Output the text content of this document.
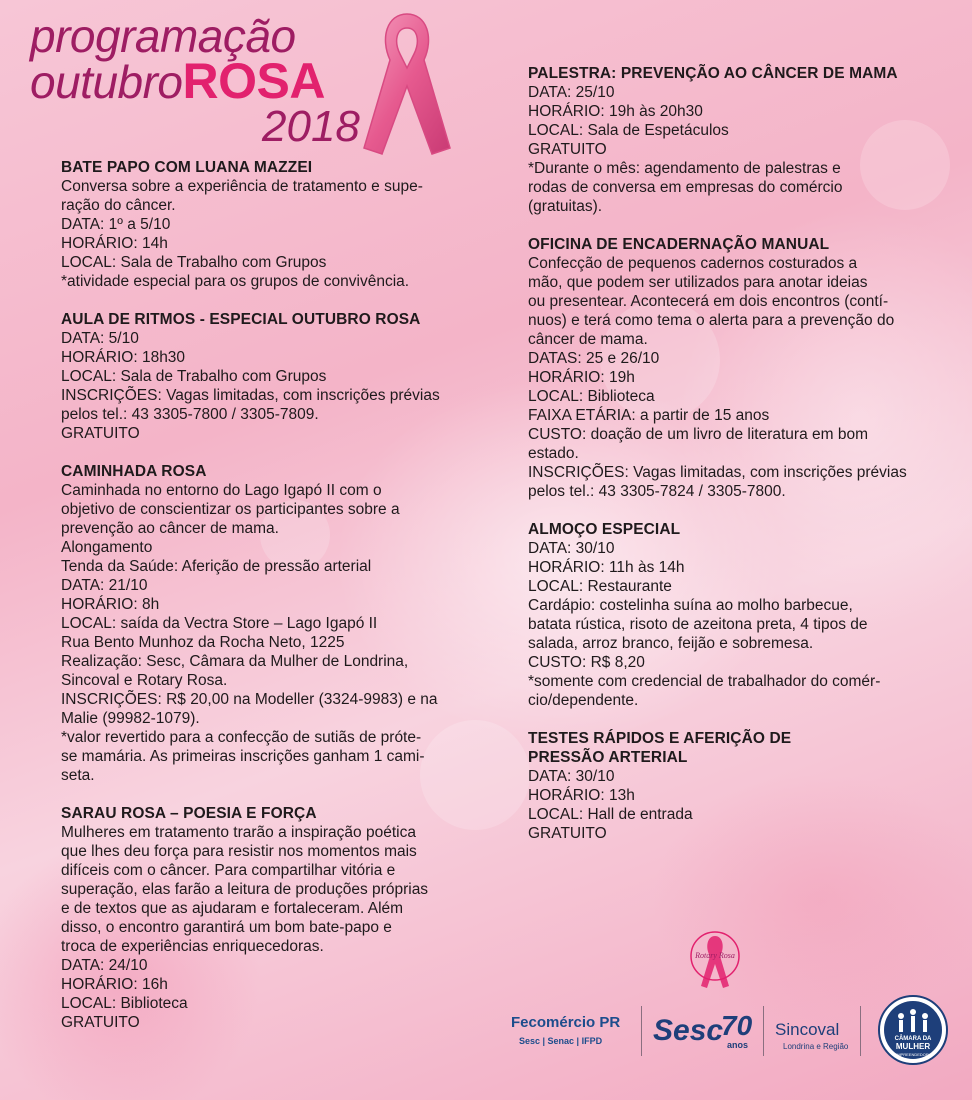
programação
outubroROSA
2018
BATE PAPO COM LUANA MAZZEI
Conversa sobre a experiência de tratamento e supe-
ração do câncer.
DATA: 1º a 5/10
HORÁRIO: 14h
LOCAL: Sala de Trabalho com Grupos
*atividade especial para os grupos de convivência.
AULA DE RITMOS - ESPECIAL OUTUBRO ROSA
DATA: 5/10
HORÁRIO: 18h30
LOCAL: Sala de Trabalho com Grupos
INSCRIÇÕES: Vagas limitadas, com inscrições prévias
pelos tel.: 43 3305-7800 / 3305-7809.
GRATUITO
CAMINHADA ROSA
Caminhada no entorno do Lago Igapó II com o
objetivo de conscientizar os participantes sobre a
prevenção ao câncer de mama.
Alongamento
Tenda da Saúde: Aferição de pressão arterial
DATA: 21/10
HORÁRIO: 8h
LOCAL: saída da Vectra Store – Lago Igapó II
Rua Bento Munhoz da Rocha Neto, 1225
Realização: Sesc, Câmara da Mulher de Londrina,
Sincoval e Rotary Rosa.
INSCRIÇÕES: R$ 20,00 na Modeller (3324-9983) e na
Malie (99982-1079).
*valor revertido para a confecção de sutiãs de próte-
se mamária. As primeiras inscrições ganham 1 cami-
seta.
SARAU ROSA – POESIA E FORÇA
Mulheres em tratamento trarão a inspiração poética
que lhes deu força para resistir nos momentos mais
difíceis com o câncer. Para compartilhar vitória e
superação, elas farão a leitura de produções próprias
e de textos que as ajudaram e fortaleceram. Além
disso, o encontro garantirá um bom bate-papo e
troca de experiências enriquecedoras.
DATA: 24/10
HORÁRIO: 16h
LOCAL: Biblioteca
GRATUITO
PALESTRA: PREVENÇÃO AO CÂNCER DE MAMA
DATA: 25/10
HORÁRIO: 19h às 20h30
LOCAL: Sala de Espetáculos
GRATUITO
*Durante o mês: agendamento de palestras e
rodas de conversa em empresas do comércio
(gratuitas).
OFICINA DE ENCADERNAÇÃO MANUAL
Confecção de pequenos cadernos costurados a
mão, que podem ser utilizados para anotar ideias
ou presentear. Acontecerá em dois encontros (contí-
nuos) e terá como tema o alerta para a prevenção do
câncer de mama.
DATAS: 25 e 26/10
HORÁRIO: 19h
LOCAL: Biblioteca
FAIXA ETÁRIA: a partir de 15 anos
CUSTO: doação de um livro de literatura em bom
estado.
INSCRIÇÕES: Vagas limitadas, com inscrições prévias
pelos tel.: 43 3305-7824 / 3305-7800.
ALMOÇO ESPECIAL
DATA: 30/10
HORÁRIO: 11h às 14h
LOCAL: Restaurante
Cardápio: costelinha suína ao molho barbecue,
batata rústica, risoto de azeitona preta, 4 tipos de
salada, arroz branco, feijão e sobremesa.
CUSTO: R$ 8,20
*somente com credencial de trabalhador do comér-
cio/dependente.
TESTES RÁPIDOS E AFERIÇÃO DE
PRESSÃO ARTERIAL
DATA: 30/10
HORÁRIO: 13h
LOCAL: Hall de entrada
GRATUITO
Rotary Rosa
Fecomércio PR
Sesc | Senac | IFPD Sesc
70
anos
Sincoval
Londrina e Região
CÂMARA DA
MULHER
EMPREENDEDORA
